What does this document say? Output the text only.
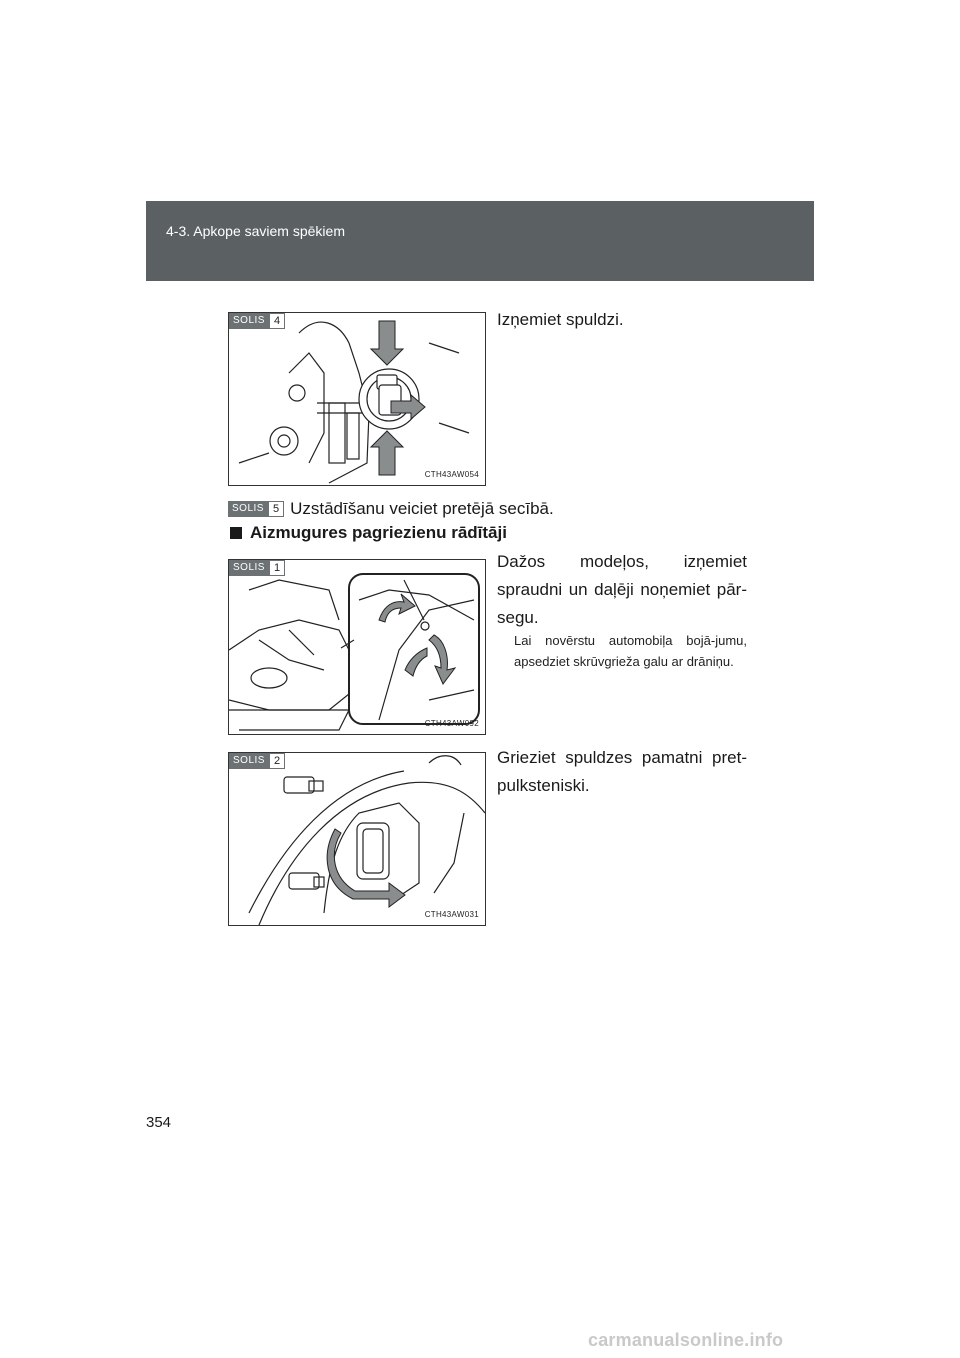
4-3. Apkope saviem spēkiem
SOLIS 4
CTH43AW054
Izņemiet spuldzi.
SOLIS 5 Uzstādīšanu veiciet pretējā secībā.
Aizmugures pagriezienu rādītāji
SOLIS 1
CTH43AW092
Dažos modeļos, izņemiet spraudni un daļēji noņemiet pār-segu.
Lai novērstu automobiļa bojā-jumu, apsedziet skrūvgrieža galu ar drāniņu.
SOLIS 2
CTH43AW031
Grieziet spuldzes pamatni pret-pulksteniski.
354
carmanualsonline.info
